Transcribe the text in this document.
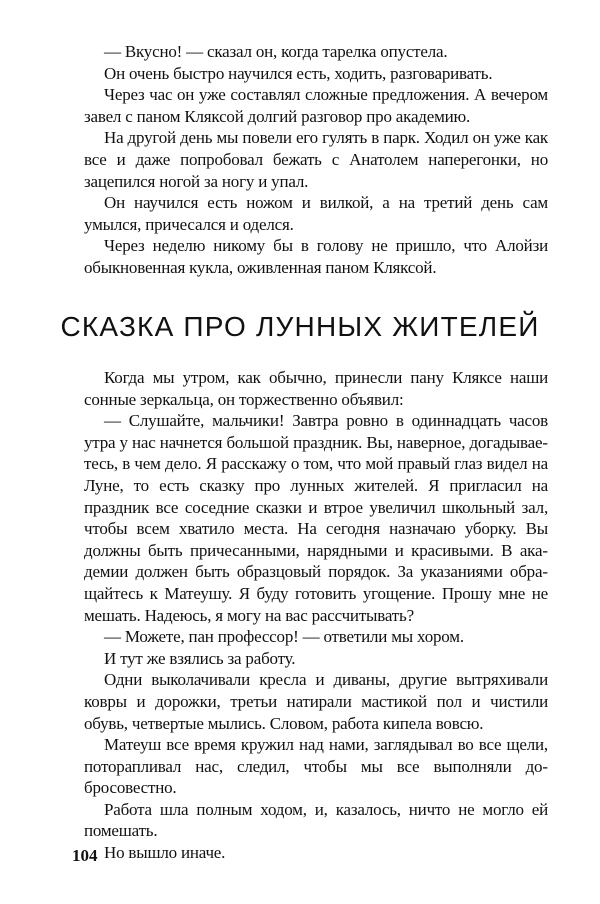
— Вкусно! — сказал он, когда тарелка опустела.

Он очень быстро научился есть, ходить, разговаривать.

Через час он уже составлял сложные предложения. А вечером завел с паном Кляксой долгий разговор про академию.

На другой день мы повели его гулять в парк. Ходил он уже как все и даже попробовал бежать с Анатолем наперегонки, но зацепился ногой за ногу и упал.

Он научился есть ножом и вилкой, а на третий день сам умылся, причесался и оделся.

Через неделю никому бы в голову не пришло, что Алойзи обыкновенная кукла, оживленная паном Кляксой.

СКАЗКА ПРО ЛУННЫХ ЖИТЕЛЕЙ

Когда мы утром, как обычно, принесли пану Кляксе наши сонные зеркальца, он торжественно объявил:

— Слушайте, мальчики! Завтра ровно в одиннадцать часов утра у нас начнется большой праздник. Вы, наверное, догадываетесь, в чем дело. Я расскажу о том, что мой правый глаз видел на Луне, то есть сказку про лунных жителей. Я пригласил на праздник все соседние сказки и втрое увеличил школьный зал, чтобы всем хватило места. На сегодня назначаю уборку. Вы должны быть причесанными, нарядными и красивыми. В академии должен быть образцовый порядок. За указаниями обращайтесь к Матеушу. Я буду готовить угощение. Прошу мне не мешать. Надеюсь, я могу на вас рассчитывать?

— Можете, пан профессор! — ответили мы хором.

И тут же взялись за работу.

Одни выколачивали кресла и диваны, другие вытряхивали ковры и дорожки, третьи натирали мастикой пол и чистили обувь, четвертые мылись. Словом, работа кипела вовсю.

Матеуш все время кружил над нами, заглядывал во все щели, поторапливал нас, следил, чтобы мы все выполняли добросовестно.

Работа шла полным ходом, и, казалось, ничто не могло ей помешать.

Но вышло иначе.

104
